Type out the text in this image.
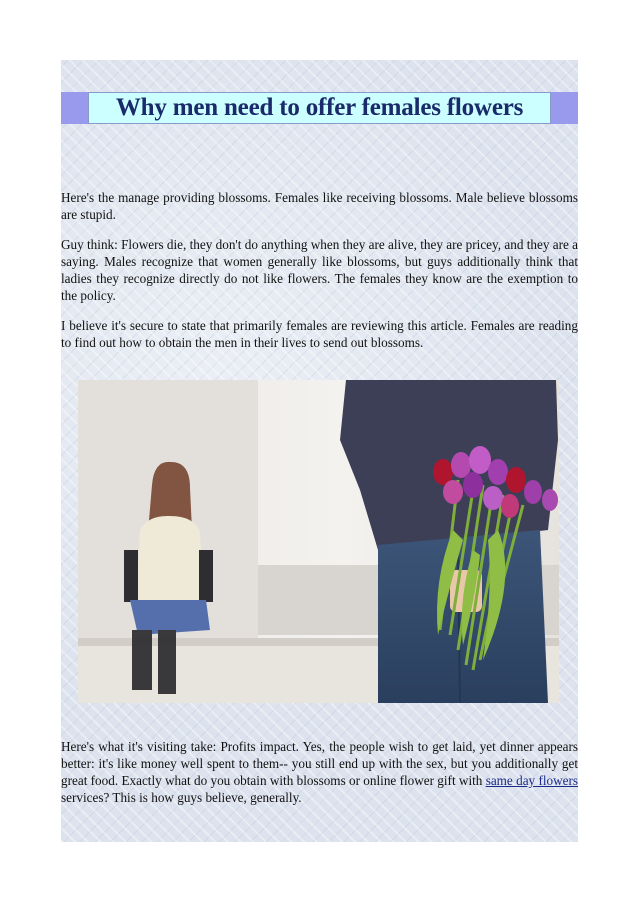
Why men need to offer females flowers

Here's the manage providing blossoms. Females like receiving blossoms. Male believe blossoms are stupid.

Guy think: Flowers die, they don't do anything when they are alive, they are pricey, and they are a saying. Males recognize that women generally like blossoms, but guys additionally think that ladies they recognize directly do not like flowers. The females they know are the exemption to the policy.

I believe it's secure to state that primarily females are reviewing this article. Females are reading to find out how to obtain the men in their lives to send out blossoms.

Here's what it's visiting take: Profits impact. Yes, the people wish to get laid, yet dinner appears better: it's like money well spent to them-- you still end up with the sex, but you additionally get great food. Exactly what do you obtain with blossoms or online flower gift with same day flowers services? This is how guys believe, generally.
